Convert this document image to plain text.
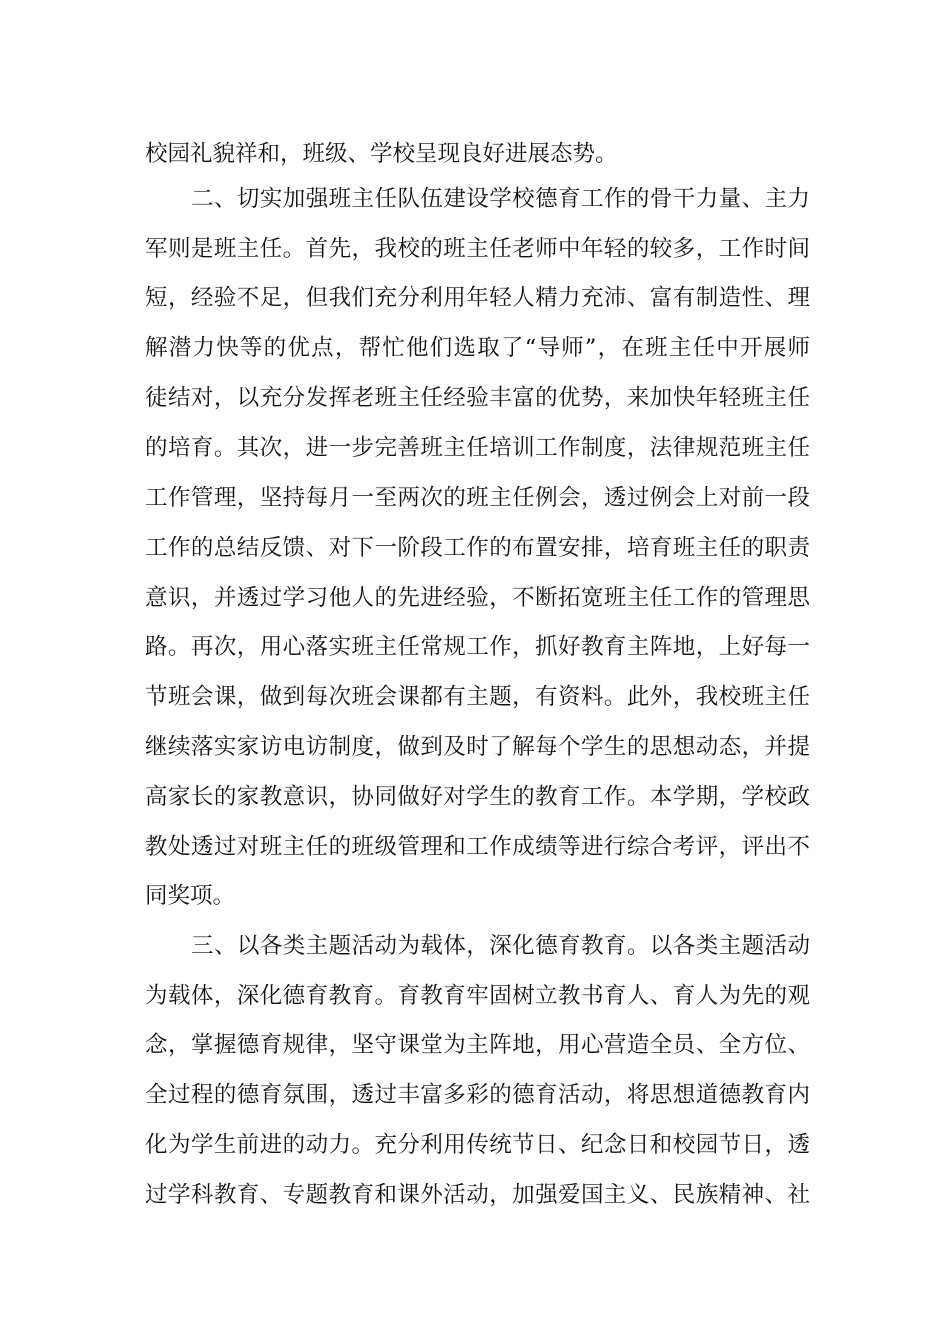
校园礼貌祥和，班级、学校呈现良好进展态势。
二、切实加强班主任队伍建设学校德育工作的骨干力量、主力
军则是班主任。首先，我校的班主任老师中年轻的较多，工作时间
短，经验不足，但我们充分利用年轻人精力充沛、富有制造性、理
解潜力快等的优点，帮忙他们选取了“导师”，在班主任中开展师
徒结对，以充分发挥老班主任经验丰富的优势，来加快年轻班主任
的培育。其次，进一步完善班主任培训工作制度，法律规范班主任
工作管理，坚持每月一至两次的班主任例会，透过例会上对前一段
工作的总结反馈、对下一阶段工作的布置安排，培育班主任的职责
意识，并透过学习他人的先进经验，不断拓宽班主任工作的管理思
路。再次，用心落实班主任常规工作，抓好教育主阵地，上好每一
节班会课，做到每次班会课都有主题，有资料。此外，我校班主任
继续落实家访电访制度，做到及时了解每个学生的思想动态，并提
高家长的家教意识，协同做好对学生的教育工作。本学期，学校政
教处透过对班主任的班级管理和工作成绩等进行综合考评，评出不
同奖项。
三、以各类主题活动为载体，深化德育教育。以各类主题活动
为载体，深化德育教育。育教育牢固树立教书育人、育人为先的观
念，掌握德育规律，坚守课堂为主阵地，用心营造全员、全方位、
全过程的德育氛围，透过丰富多彩的德育活动，将思想道德教育内
化为学生前进的动力。充分利用传统节日、纪念日和校园节日，透
过学科教育、专题教育和课外活动，加强爱国主义、民族精神、社
